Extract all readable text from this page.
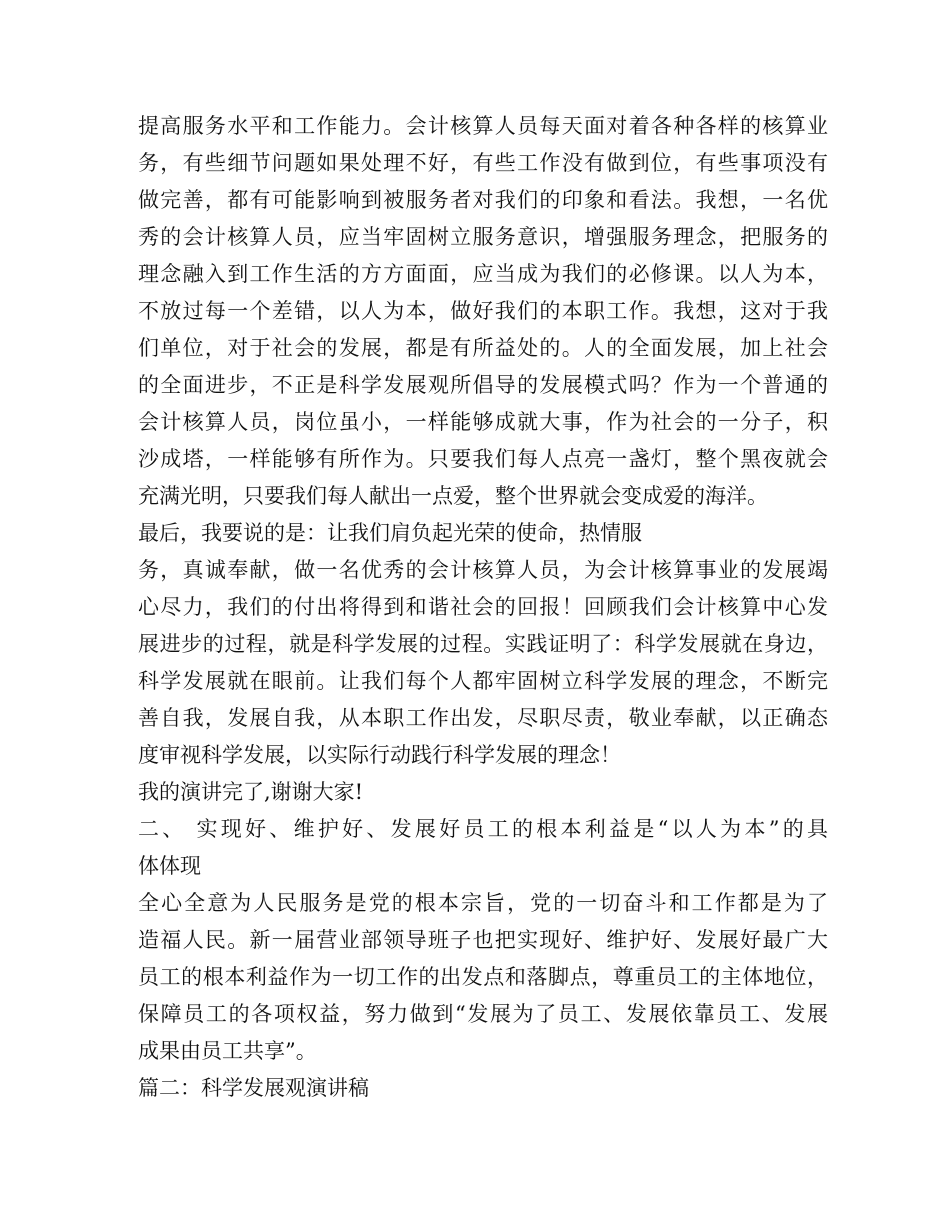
提高服务水平和工作能力。会计核算人员每天面对着各种各样的核算业
务，有些细节问题如果处理不好，有些工作没有做到位，有些事项没有
做完善，都有可能影响到被服务者对我们的印象和看法。我想，一名优
秀的会计核算人员，应当牢固树立服务意识，增强服务理念，把服务的
理念融入到工作生活的方方面面，应当成为我们的必修课。以人为本，
不放过每一个差错，以人为本，做好我们的本职工作。我想，这对于我
们单位，对于社会的发展，都是有所益处的。人的全面发展，加上社会
的全面进步，不正是科学发展观所倡导的发展模式吗？作为一个普通的
会计核算人员，岗位虽小，一样能够成就大事，作为社会的一分子，积
沙成塔，一样能够有所作为。只要我们每人点亮一盏灯，整个黑夜就会
充满光明，只要我们每人献出一点爱，整个世界就会变成爱的海洋。
最后，我要说的是：让我们肩负起光荣的使命，热情服
务，真诚奉献，做一名优秀的会计核算人员，为会计核算事业的发展竭
心尽力，我们的付出将得到和谐社会的回报！回顾我们会计核算中心发
展进步的过程，就是科学发展的过程。实践证明了：科学发展就在身边，
科学发展就在眼前。让我们每个人都牢固树立科学发展的理念，不断完
善自我，发展自我，从本职工作出发，尽职尽责，敬业奉献，以正确态
度审视科学发展，以实际行动践行科学发展的理念！
我的演讲完了,谢谢大家!
二、 实现好、维护好、发展好员工的根本利益是“以人为本”的具
体体现
全心全意为人民服务是党的根本宗旨，党的一切奋斗和工作都是为了
造福人民。新一届营业部领导班子也把实现好、维护好、发展好最广大
员工的根本利益作为一切工作的出发点和落脚点，尊重员工的主体地位，
保障员工的各项权益，努力做到“发展为了员工、发展依靠员工、发展
成果由员工共享”。
篇二：科学发展观演讲稿
